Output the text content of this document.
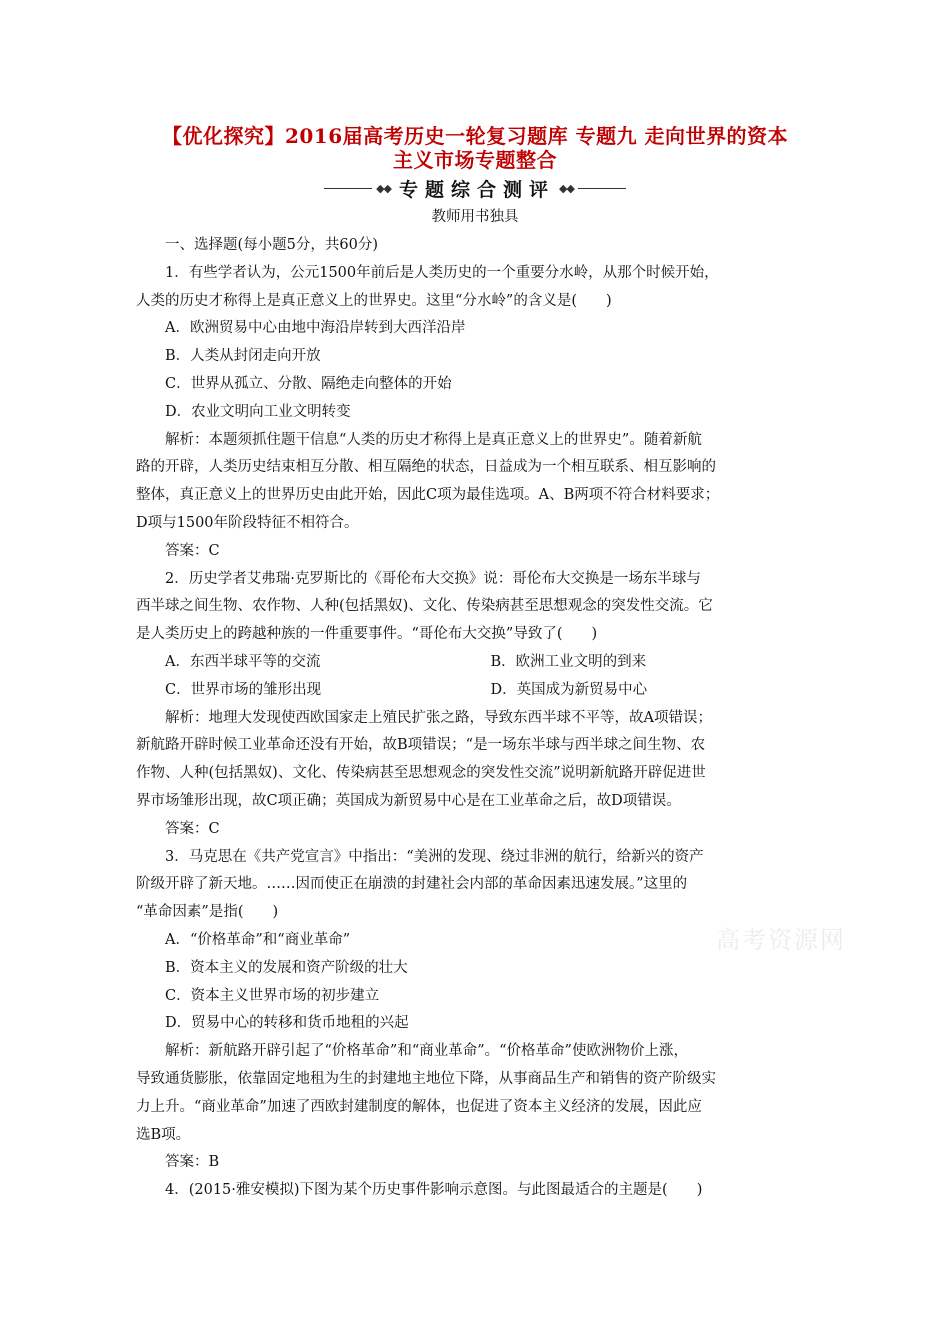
【优化探究】2016届高考历史一轮复习题库 专题九 走向世界的资本
主义市场专题整合
◆◆ 专题综合测评 ◆◆
教师用书独具

一、选择题(每小题5分，共60分)

1．有些学者认为，公元1500年前后是人类历史的一个重要分水岭，从那个时候开始，

人类的历史才称得上是真正意义上的世界史。这里“分水岭”的含义是(　　)

A．欧洲贸易中心由地中海沿岸转到大西洋沿岸

B．人类从封闭走向开放

C．世界从孤立、分散、隔绝走向整体的开始

D．农业文明向工业文明转变

解析：本题须抓住题干信息“人类的历史才称得上是真正意义上的世界史”。随着新航

路的开辟，人类历史结束相互分散、相互隔绝的状态，日益成为一个相互联系、相互影响的

整体，真正意义上的世界历史由此开始，因此C项为最佳选项。A、B两项不符合材料要求；

D项与1500年阶段特征不相符合。

答案：C

2．历史学者艾弗瑞·克罗斯比的《哥伦布大交换》说：哥伦布大交换是一场东半球与

西半球之间生物、农作物、人种(包括黑奴)、文化、传染病甚至思想观念的突发性交流。它

是人类历史上的跨越种族的一件重要事件。“哥伦布大交换”导致了(　　)

A．东西半球平等的交流	B．欧洲工业文明的到来
C．世界市场的雏形出现	D．英国成为新贸易中心

解析：地理大发现使西欧国家走上殖民扩张之路，导致东西半球不平等，故A项错误；

新航路开辟时候工业革命还没有开始，故B项错误；“是一场东半球与西半球之间生物、农

作物、人种(包括黑奴)、文化、传染病甚至思想观念的突发性交流”说明新航路开辟促进世

界市场雏形出现，故C项正确；英国成为新贸易中心是在工业革命之后，故D项错误。

答案：C

3．马克思在《共产党宣言》中指出：“美洲的发现、绕过非洲的航行，给新兴的资产

阶级开辟了新天地。……因而使正在崩溃的封建社会内部的革命因素迅速发展。”这里的

“革命因素”是指(　　)

A．“价格革命”和“商业革命”

B．资本主义的发展和资产阶级的壮大

C．资本主义世界市场的初步建立

D．贸易中心的转移和货币地租的兴起

解析：新航路开辟引起了“价格革命”和“商业革命”。“价格革命”使欧洲物价上涨，

导致通货膨胀，依靠固定地租为生的封建地主地位下降，从事商品生产和销售的资产阶级实

力上升。“商业革命”加速了西欧封建制度的解体，也促进了资本主义经济的发展，因此应

选B项。

答案：B

4．(2015·雅安模拟)下图为某个历史事件影响示意图。与此图最适合的主题是(　　)

高考资源网
